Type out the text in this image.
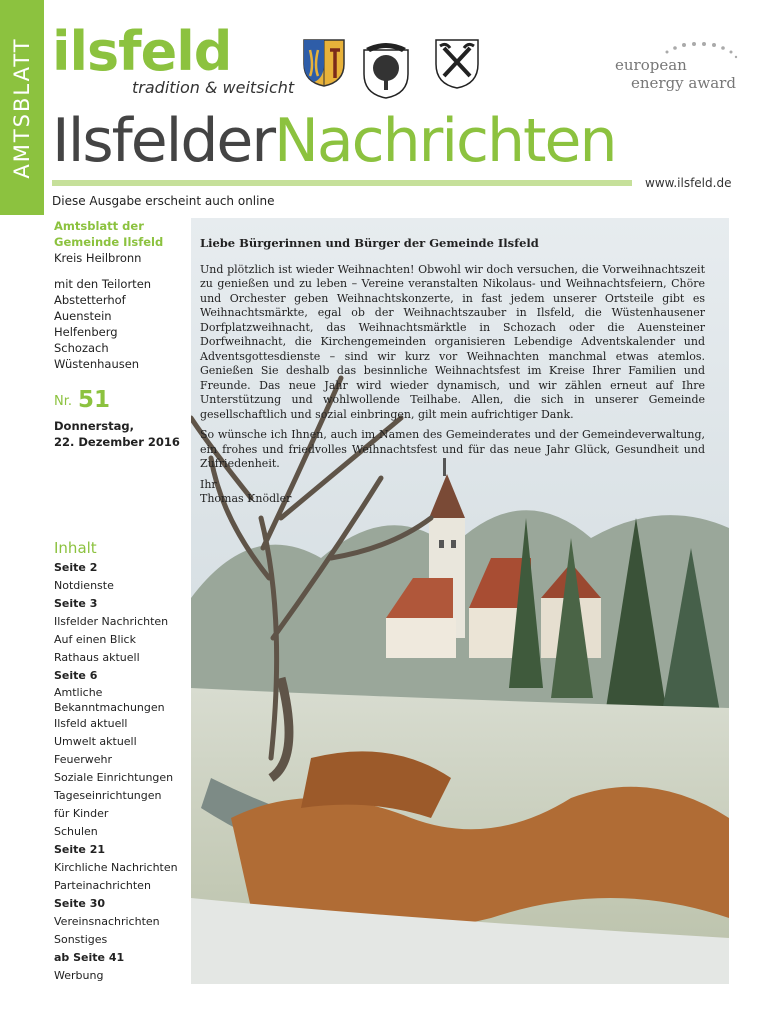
AMTSBLATT ilsfeld
tradition & weitsicht
european
energy award
IlsfelderNachrichten
www.ilsfeld.de
Diese Ausgabe erscheint auch online
Amtsblatt der
Gemeinde Ilsfeld
Kreis Heilbronn
mit den Teilorten
Abstetterhof
Auenstein
Helfenberg
Schozach
Wüstenhausen
Nr. 51
Donnerstag,
22. Dezember 2016
Inhalt
Seite 2
Notdienste
Seite 3
Ilsfelder Nachrichten
Auf einen Blick
Rathaus aktuell
Seite 6
Amtliche Bekanntmachungen
Ilsfeld aktuell
Umwelt aktuell
Feuerwehr
Soziale Einrichtungen
Tageseinrichtungen für Kinder
Schulen
Seite 21
Kirchliche Nachrichten
Parteinachrichten
Seite 30
Vereinsnachrichten
Sonstiges
ab Seite 41
Werbung
Liebe Bürgerinnen und Bürger der Gemeinde Ilsfeld

Und plötzlich ist wieder Weihnachten! Obwohl wir doch versuchen, die Vorweihnachtszeit zu genießen und zu leben – Vereine veranstalten Nikolaus- und Weihnachtsfeiern, Chöre und Orchester geben Weihnachtskonzerte, in fast jedem unserer Ortsteile gibt es Weihnachtsmärkte, egal ob der Weihnachtszauber in Ilsfeld, die Wüstenhausener Dorfplatzweihnacht, das Weihnachtsmärktle in Schozach oder die Auensteiner Dorfweihnacht, die Kirchengemeinden organisieren Lebendige Adventskalender und Adventsgottesdienste – sind wir kurz vor Weihnachten manchmal etwas atemlos. Genießen Sie deshalb das besinnliche Weihnachtsfest im Kreise Ihrer Familien und Freunde. Das neue Jahr wird wieder dynamisch, und wir zählen erneut auf Ihre Unterstützung und wohlwollende Teilhabe. Allen, die sich in unserer Gemeinde gesellschaftlich und sozial einbringen, gilt mein aufrichtiger Dank.

So wünsche ich Ihnen, auch im Namen des Gemeinderates und der Gemeindeverwaltung, ein frohes und friedvolles Weihnachtsfest und für das neue Jahr Glück, Gesundheit und Zufriedenheit.

Ihr

Thomas Knödler
